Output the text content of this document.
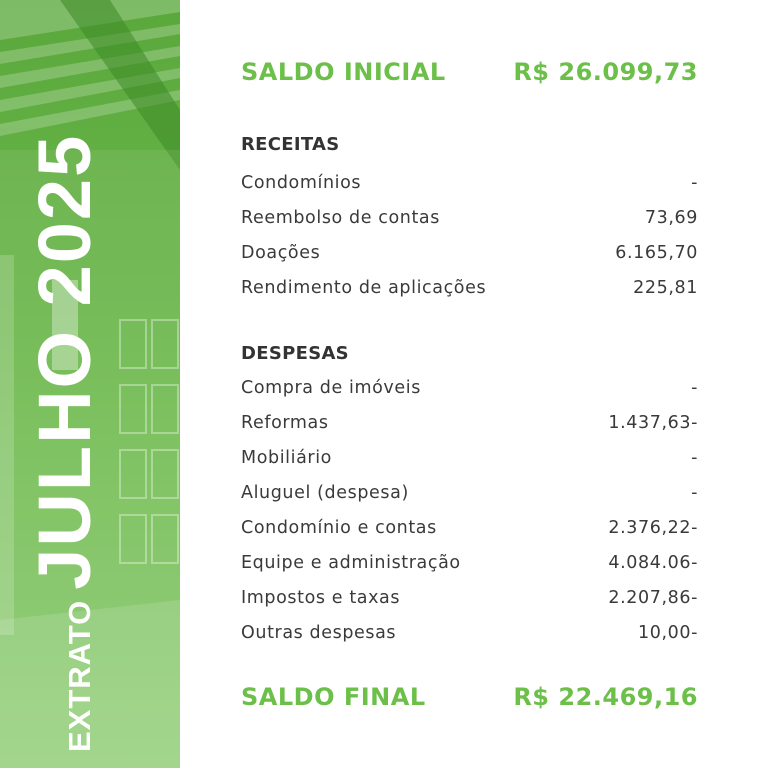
EXTRATO
JULHO 2025
SALDO INICIAL	R$ 26.099,73
RECEITAS
Condomínios	-
Reembolso de contas	73,69
Doações	6.165,70
Rendimento de aplicações	225,81
DESPESAS
Compra de imóveis	-
Reformas	1.437,63-
Mobiliário	-
Aluguel (despesa)	-
Condomínio e contas	2.376,22-
Equipe e administração	4.084.06-
Impostos e taxas	2.207,86-
Outras despesas	10,00-
SALDO FINAL	R$ 22.469,16
